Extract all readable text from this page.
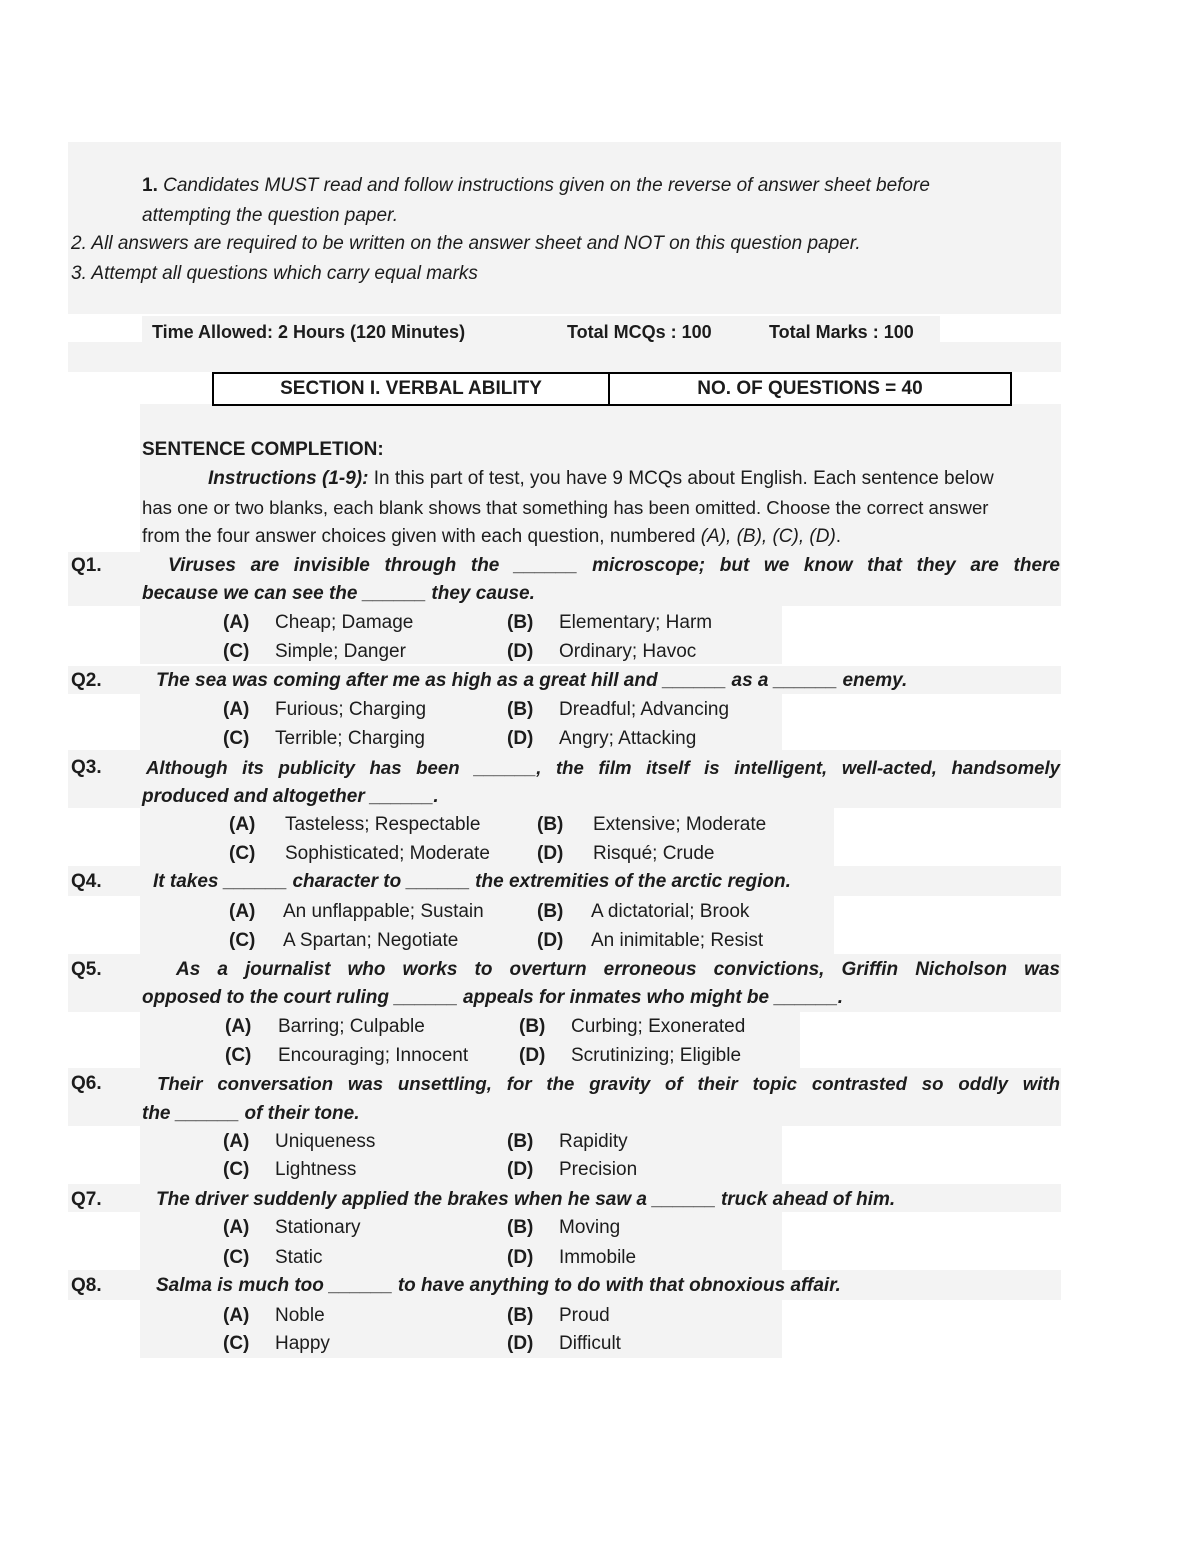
1. Candidates MUST read and follow instructions given on the reverse of answer sheet before
attempting the question paper.
2. All answers are required to be written on the answer sheet and NOT on this question paper.
3. Attempt all questions which carry equal marks
Time Allowed: 2 Hours (120 Minutes)	Total MCQs : 100	Total Marks : 100
SECTION I. VERBAL ABILITY	NO. OF QUESTIONS = 40
SENTENCE COMPLETION:
Instructions (1-9): In this part of test, you have 9 MCQs about English. Each sentence below
has one or two blanks, each blank shows that something has been omitted. Choose the correct answer
from the four answer choices given with each question, numbered (A), (B), (C), (D).
Q1.	Viruses are invisible through the ______ microscope; but we know that they are there
because we can see the ______ they cause.
(A) Cheap; Damage	(B) Elementary; Harm
(C) Simple; Danger	(D) Ordinary; Havoc
Q2.	The sea was coming after me as high as a great hill and ______ as a ______ enemy.
(A) Furious; Charging	(B) Dreadful; Advancing
(C) Terrible; Charging	(D) Angry; Attacking
Q3. Although its publicity has been ______, the film itself is intelligent, well-acted, handsomely
produced and altogether ______.
(A) Tasteless; Respectable	(B) Extensive; Moderate
(C) Sophisticated; Moderate (D) Risqué; Crude
Q4.	It takes ______ character to ______ the extremities of the arctic region.
(A) An unflappable; Sustain	(B) A dictatorial; Brook
(C) A Spartan; Negotiate	(D) An inimitable; Resist
Q5.	As a journalist who works to overturn erroneous convictions, Griffin Nicholson was
opposed to the court ruling ______ appeals for inmates who might be ______.
(A) Barring; Culpable	(B) Curbing; Exonerated
(C) Encouraging; Innocent	(D) Scrutinizing; Eligible
Q6.	Their conversation was unsettling, for the gravity of their topic contrasted so oddly with
the ______ of their tone.
(A) Uniqueness	(B) Rapidity
(C) Lightness	(D) Precision
Q7.	The driver suddenly applied the brakes when he saw a ______ truck ahead of him.
(A) Stationary	(B) Moving
(C) Static	(D) Immobile
Q8.	Salma is much too ______ to have anything to do with that obnoxious affair.
(A) Noble	(B) Proud
(C) Happy	(D) Difficult
